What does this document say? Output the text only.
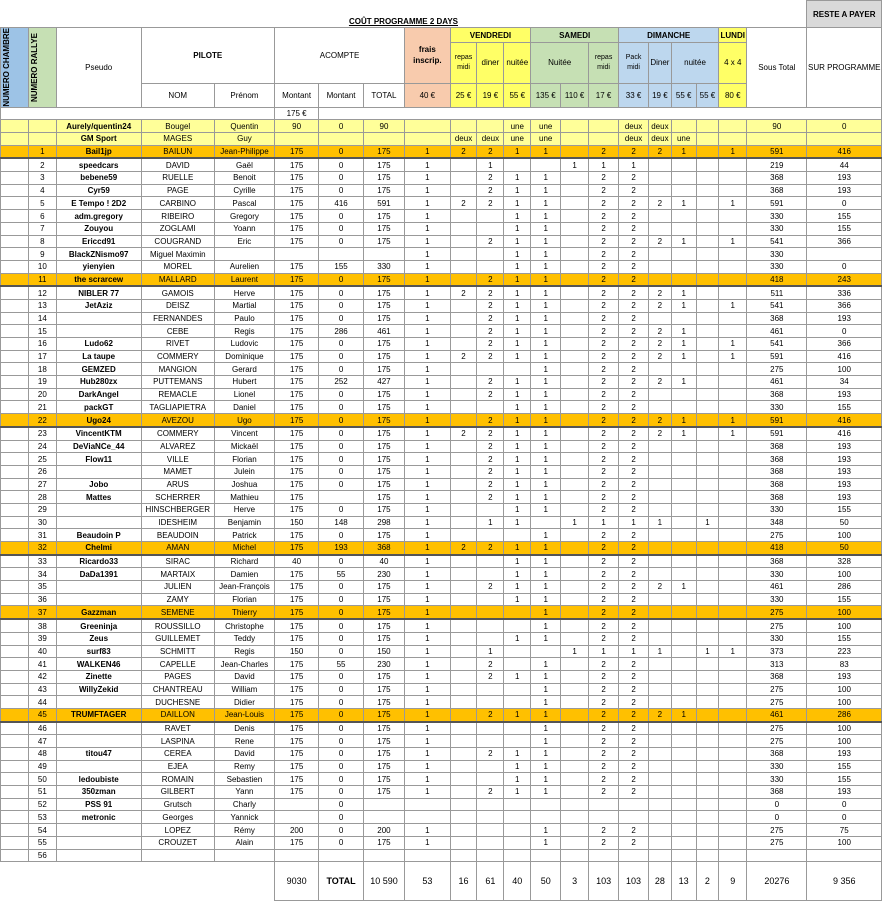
COÛT PROGRAMME 2 DAYS																					RESTE A PAYER

NUMERO CHAMBRE	NUMERO RALLYE	Pseudo	PILOTE		ACOMPTE			frais inscrip.	VENDREDI			SAMEDI			DIMANCHE				LUNDI	Sous Total	SUR PROGRAMME
									repas midi	diner	nuitée	Nuitée		repas midi	Pack midi	Diner	nuitée		4 x 4		
			NOM	Prénom	Montant	Montant	TOTAL	40 €	25 €	19 €	55 €	135 €	110 €	17 €	33 €	19 €	55 €	55 €	80 €		
					175 €																
		Aurely/quentin24	Bougel	Quentin	90	0	90				une	une			deux	deux				90	0
		GM Sport	MAGES	Guy					deux	deux	une	une			deux	deux	une				
	1	Bail1jp	BAILUN	Jean-Philippe	175	0	175	1	2	2	1	1		2	2	2	1		1	591	416
	2	speedcars	DAVID	Gaël	175	0	175	1		1			1	1	1					219	44
	3	bebene59	RUELLE	Benoit	175	0	175	1		2	1	1		2	2					368	193
	4	Cyr59	PAGE	Cyrille	175	0	175	1		2	1	1		2	2					368	193
	5	E Tempo ! 2D2	CARBINO	Pascal	175	416	591	1	2	2	1	1		2	2	2	1		1	591	0
	6	adm.gregory	RIBEIRO	Gregory	175	0	175	1			1	1		2	2					330	155
	7	Zouyou	ZOGLAMI	Yoann	175	0	175	1			1	1		2	2					330	155
	8	Ericcd91	COUGRAND	Eric	175	0	175	1		2	1	1		2	2	2	1		1	541	366
	9	BlackZNismo97	Miguel Maximin					1			1	1		2	2					330	
	10	yienyien	MOREL	Aurelien	175	155	330	1			1	1		2	2					330	0
	11	the scrarcew	MALLARD	Laurent	175	0	175	1		2	1	1		2	2					418	243
	12	NIBLER 77	GAMOIS	Herve	175	0	175	1	2	2	1	1		2	2	2	1			511	336
	13	JetAziz	DEISZ	Martial	175	0	175	1		2	1	1		2	2	2	1		1	541	366
	14		FERNANDES	Paulo	175	0	175	1		2	1	1		2	2					368	193
	15		CEBE	Regis	175	286	461	1		2	1	1		2	2	2	1			461	0
	16	Ludo62	RIVET	Ludovic	175	0	175	1		2	1	1		2	2	2	1		1	541	366
	17	La taupe	COMMERY	Dominique	175	0	175	1	2	2	1	1		2	2	2	1		1	591	416
	18	GEMZED	MANGION	Gerard	175	0	175	1				1		2	2					275	100
	19	Hub280zx	PUTTEMANS	Hubert	175	252	427	1		2	1	1		2	2	2	1			461	34
	20	DarkAngel	REMACLE	Lionel	175	0	175	1		2	1	1		2	2					368	193
	21	packGT	TAGLIAPIETRA	Daniel	175	0	175	1			1	1		2	2					330	155
	22	Ugo24	AVEZOU	Ugo	175	0	175	1		2	1	1		2	2	2	1		1	591	416
	23	VincentKTM	COMMERY	Vincent	175	0	175	1	2	2	1	1		2	2	2	1		1	591	416
	24	DeViaNCe_44	ALVAREZ	Mickaël	175	0	175	1		2	1	1		2	2					368	193
	25	Flow11	VILLE	Florian	175	0	175	1		2	1	1		2	2					368	193
	26		MAMET	Julein	175	0	175	1		2	1	1		2	2					368	193
	27	Jobo	ARUS	Joshua	175	0	175	1		2	1	1		2	2					368	193
	28	Mattes	SCHERRER	Mathieu	175		175	1		2	1	1		2	2					368	193
	29		HINSCHBERGER	Herve	175	0	175	1			1	1		2	2					330	155
	30		IDESHEIM	Benjamin	150	148	298	1		1	1		1	1	1	1		1		348	50
	31	Beaudoin P	BEAUDOIN	Patrick	175	0	175	1				1		2	2					275	100
	32	Chelmi	AMAN	Michel	175	193	368	1	2	2	1	1		2	2					418	50
	33	Ricardo33	SIRAC	Richard	40	0	40	1			1	1		2	2					368	328
	34	DaDa1391	MARTAIX	Damien	175	55	230	1			1	1		2	2					330	100
	35		JULIEN	Jean-François	175	0	175	1		2	1	1		2	2	2	1			461	286
	36		ZAMY	Florian	175	0	175	1			1	1		2	2					330	155
	37	Gazzman	SEMENE	Thierry	175	0	175	1				1		2	2					275	100
	38	Greeninja	ROUSSILLO	Christophe	175	0	175	1				1		2	2					275	100
	39	Zeus	GUILLEMET	Teddy	175	0	175	1			1	1		2	2					330	155
	40	surf83	SCHMITT	Regis	150	0	150	1		1			1	1	1	1		1	1	373	223
	41	WALKEN46	CAPELLE	Jean-Charles	175	55	230	1		2		1		2	2					313	83
	42	Zinette	PAGES	David	175	0	175	1		2	1	1		2	2					368	193
	43	WillyZekid	CHANTREAU	William	175	0	175	1				1		2	2					275	100
	44		DUCHESNE	Didier	175	0	175	1				1		2	2					275	100
	45	TRUMFTAGER	DAILLON	Jean-Louis	175	0	175	1		2	1	1		2	2	2	1			461	286
	46		RAVET	Denis	175	0	175	1				1		2	2					275	100
	47		LASPINA	Rene	175	0	175	1				1		2	2					275	100
	48	titou47	CEREA	David	175	0	175	1		2	1	1		2	2					368	193
	49		EJEA	Remy	175	0	175	1			1	1		2	2					330	155
	50	ledoubiste	ROMAIN	Sebastien	175	0	175	1			1	1		2	2					330	155
	51	350zman	GILBERT	Yann	175	0	175	1		2	1	1		2	2					368	193
	52	PSS 91	Grutsch	Charly		0														0	0
	53	metronic	Georges	Yannick		0														0	0
	54		LOPEZ	Rémy	200	0	200	1				1		2	2					275	75
	55		CROUZET	Alain	175	0	175	1				1		2	2					275	100
	56																				
					9030	TOTAL	10 590	53	16	61	40	50	3	103	103	28	13	2	9	20276	9 356
